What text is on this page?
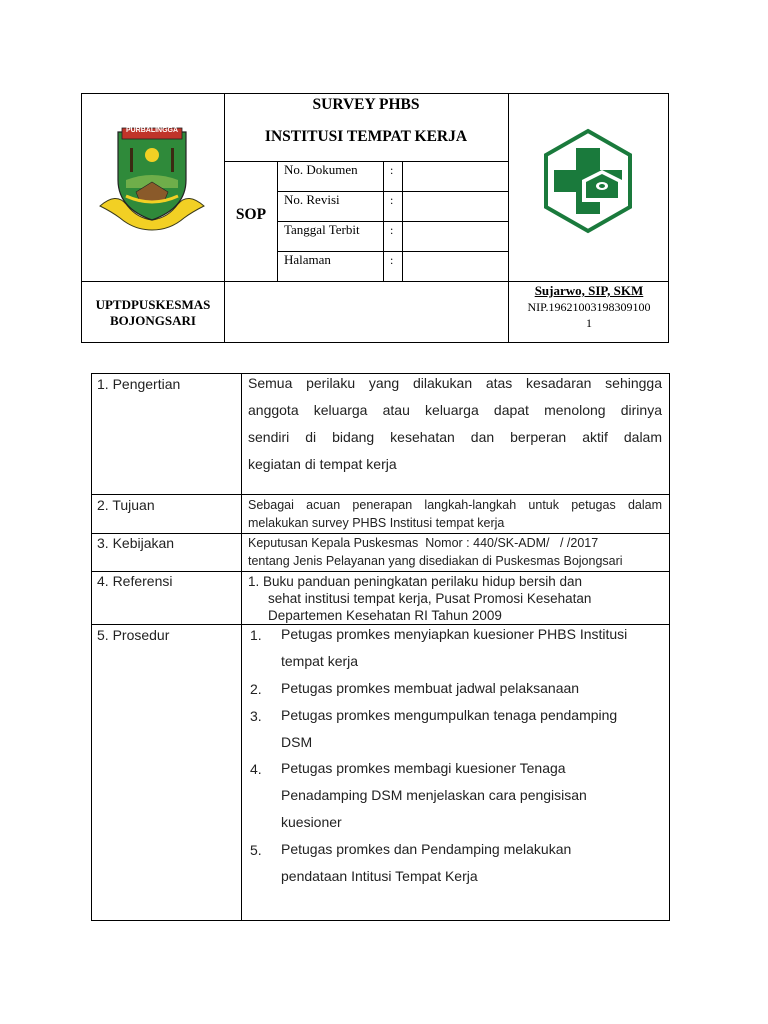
PURBALINGGA
SURVEY PHBS
INSTITUSI TEMPAT KERJA
SOP
No. Dokumen	:
No. Revisi	:
Tanggal Terbit	:
Halaman	:
UPTDPUSKESMAS
BOJONGSARI
Sujarwo, SIP, SKM
NIP.19621003198309100
1
1. Pengertian	Semua perilaku yang dilakukan atas kesadaran sehingga
anggota keluarga atau keluarga dapat menolong dirinya
sendiri di bidang kesehatan dan berperan aktif dalam
kegiatan di tempat kerja
2. Tujuan	Sebagai acuan penerapan langkah-langkah untuk petugas dalam
melakukan survey PHBS Institusi tempat kerja
3. Kebijakan	Keputusan Kepala Puskesmas  Nomor : 440/SK-ADM/   / /2017
tentang Jenis Pelayanan yang disediakan di Puskesmas Bojongsari
4. Referensi	1. Buku panduan peningkatan perilaku hidup bersih dan
sehat institusi tempat kerja, Pusat Promosi Kesehatan
Departemen Kesehatan RI Tahun 2009
5. Prosedur	1. Petugas promkes menyiapkan kuesioner PHBS Institusi
tempat kerja
2. Petugas promkes membuat jadwal pelaksanaan
3. Petugas promkes mengumpulkan tenaga pendamping
DSM
4. Petugas promkes membagi kuesioner Tenaga
Penadamping DSM menjelaskan cara pengisisan
kuesioner
5. Petugas promkes dan Pendamping melakukan
pendataan Intitusi Tempat Kerja
